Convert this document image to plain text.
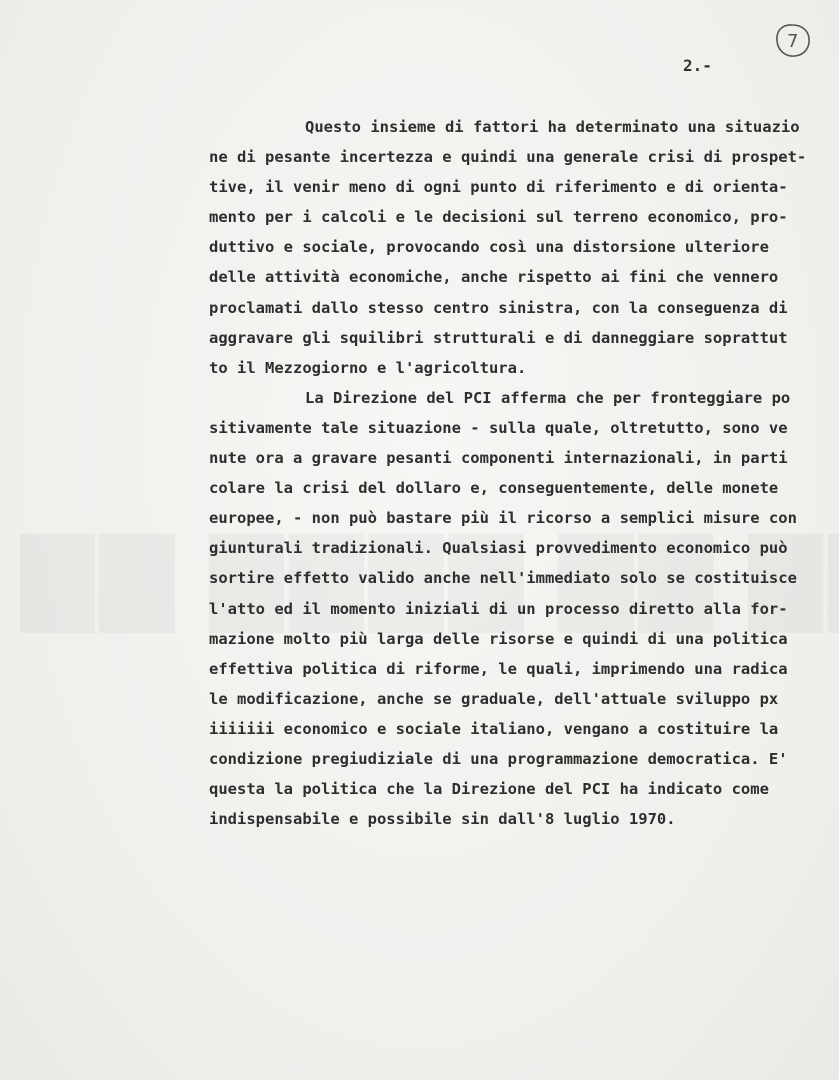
7
2.-
Questo insieme di fattori ha determinato una situazio
ne di pesante incertezza e quindi una generale crisi di prospet-
tive, il venir meno di ogni punto di riferimento e di orienta-
mento per i calcoli e le decisioni sul terreno economico, pro-
duttivo e sociale, provocando così una distorsione ulteriore
delle attività economiche, anche rispetto ai fini che vennero
proclamati dallo stesso centro sinistra, con la conseguenza di
aggravare gli squilibri strutturali e di danneggiare soprattut
to il Mezzogiorno e l'agricoltura.
La Direzione del PCI afferma che per fronteggiare po
sitivamente tale situazione - sulla quale, oltretutto, sono ve
nute ora a gravare pesanti componenti internazionali, in parti
colare la crisi del dollaro e, conseguentemente, delle monete
europee, - non può bastare più il ricorso a semplici misure con
giunturali tradizionali. Qualsiasi provvedimento economico può
sortire effetto valido anche nell'immediato solo se costituisce
l'atto ed il momento iniziali di un processo diretto alla for-
mazione molto più larga delle risorse e quindi di una politica
effettiva politica di riforme, le quali, imprimendo una radica
le modificazione, anche se graduale, dell'attuale sviluppo px
iiiiiii economico e sociale italiano, vengano a costituire la
condizione pregiudiziale di una programmazione democratica. E'
questa la politica che la Direzione del PCI ha indicato come
indispensabile e possibile sin dall'8 luglio 1970.
